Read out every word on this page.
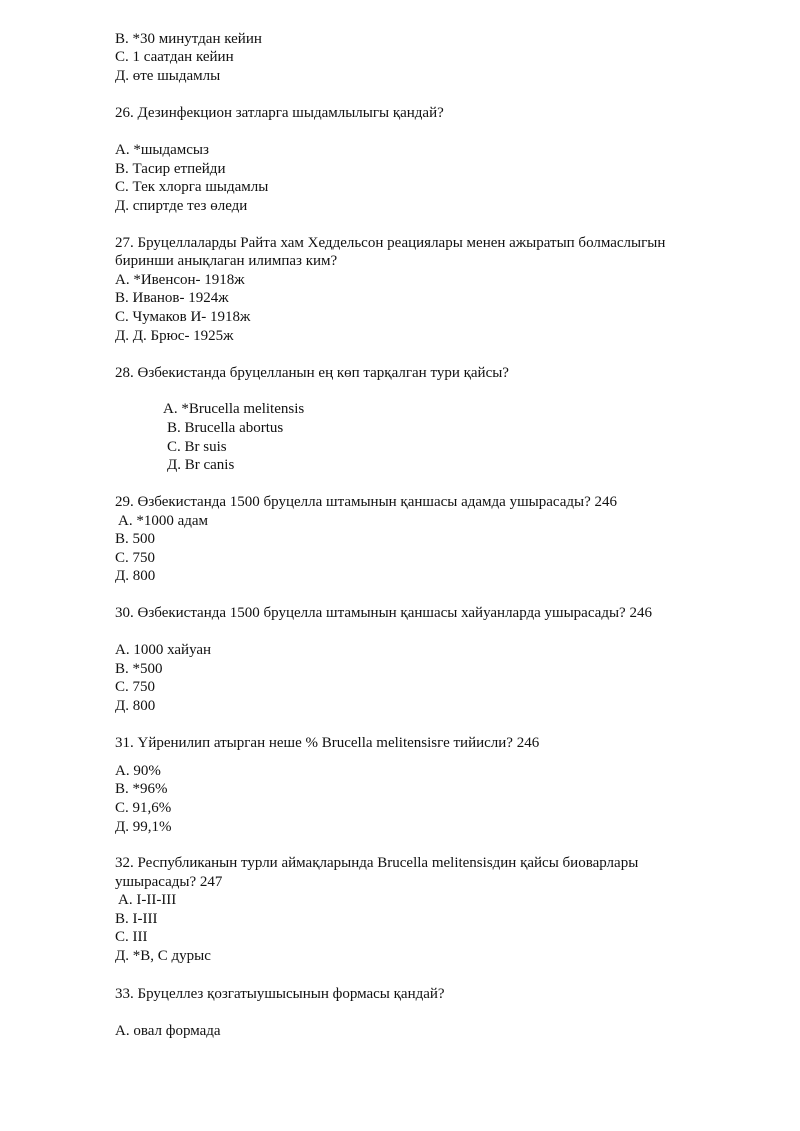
В. *30 минутдан кейин
С. 1 саатдан кейин
Д. өте шыдамлы
26. Дезинфекцион затларга шыдамлылыгы қандай?
А. *шыдамсыз
В. Тасир етпейди
С. Тек хлорга шыдамлы
Д. спиртде тез өледи
27. Бруцеллаларды Райта хам Хеддельсон реациялары менен ажыратып болмаслыгын
биринши анықлаган илимпаз ким?
А. *Ивенсон- 1918ж
В. Иванов- 1924ж
С. Чумаков И- 1918ж
Д. Д. Брюс- 1925ж
28. Өзбекистанда бруцелланын ең көп тарқалган тури қайсы?
А. *Brucella melitensis
B. Brucella abortus
C. Br suis
Д. Br canis
29. Өзбекистанда 1500 бруцелла штамынын қаншасы адамда ушырасады? 246
А. *1000 адам
В. 500
С. 750
Д. 800
30. Өзбекистанда 1500 бруцелла штамынын қаншасы хайуанларда ушырасады? 246
А. 1000 хайуан
В. *500
С. 750
Д. 800
31. Үйренилип атырган неше % Brucella melitensisге тийисли? 246
А. 90%
В. *96%
С. 91,6%
Д. 99,1%
32. Республиканын турли аймақларында Brucella melitensisдин қайсы биоварлары
ушырасады? 247
А. I-II-III
В. I-III
С. III
Д. *В, С дурыс
33. Бруцеллез қозгатыушысынын формасы қандай?
А. овал формада
